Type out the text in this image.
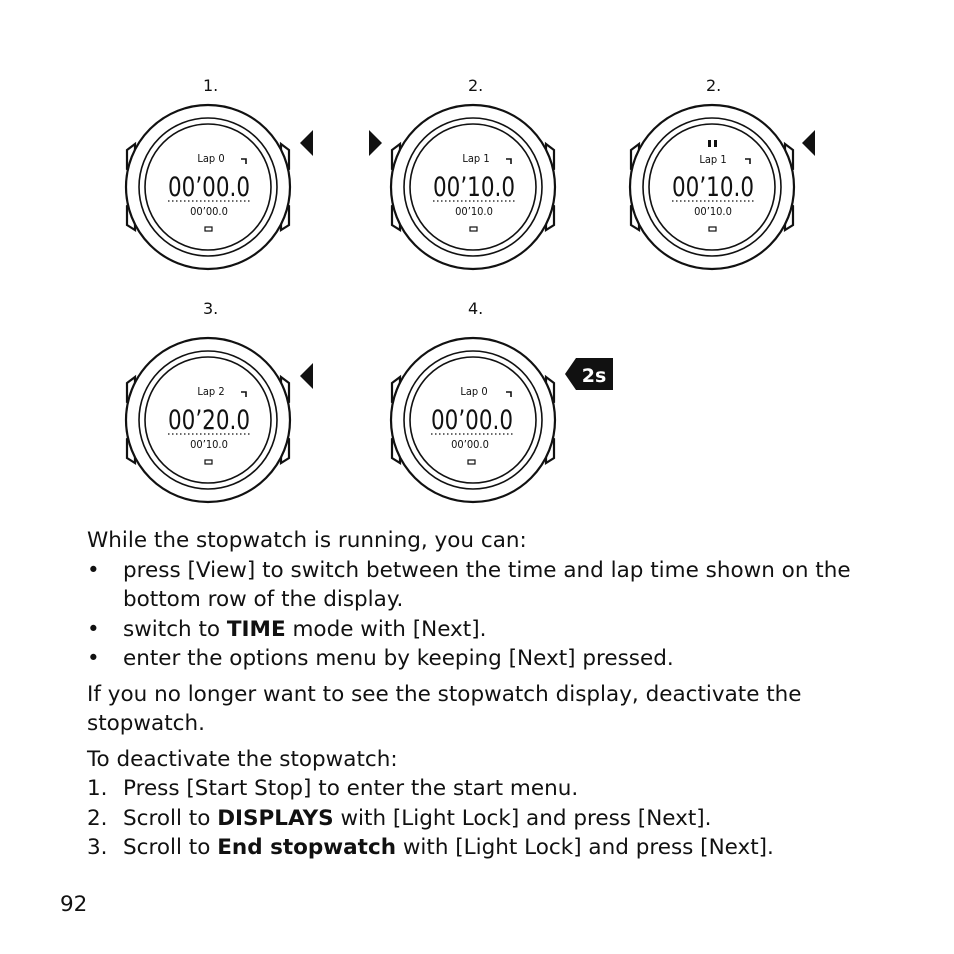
1.	2.	2.
3.	4.
Lap 0
00’00.0
00’00.0
Lap 1
00’10.0
00’10.0
Lap 1
00’10.0
00’10.0
Lap 2
00’20.0
00’10.0
Lap 0
00’00.0
00’00.0
2s

While the stopwatch is running, you can:

• press [View] to switch between the time and lap time shown on the bottom row of the display.
• switch to TIME mode with [Next].
• enter the options menu by keeping [Next] pressed.

If you no longer want to see the stopwatch display, deactivate the stopwatch.

To deactivate the stopwatch:

1. Press [Start Stop] to enter the start menu.
2. Scroll to DISPLAYS with [Light Lock] and press [Next].
3. Scroll to End stopwatch with [Light Lock] and press [Next].
92
